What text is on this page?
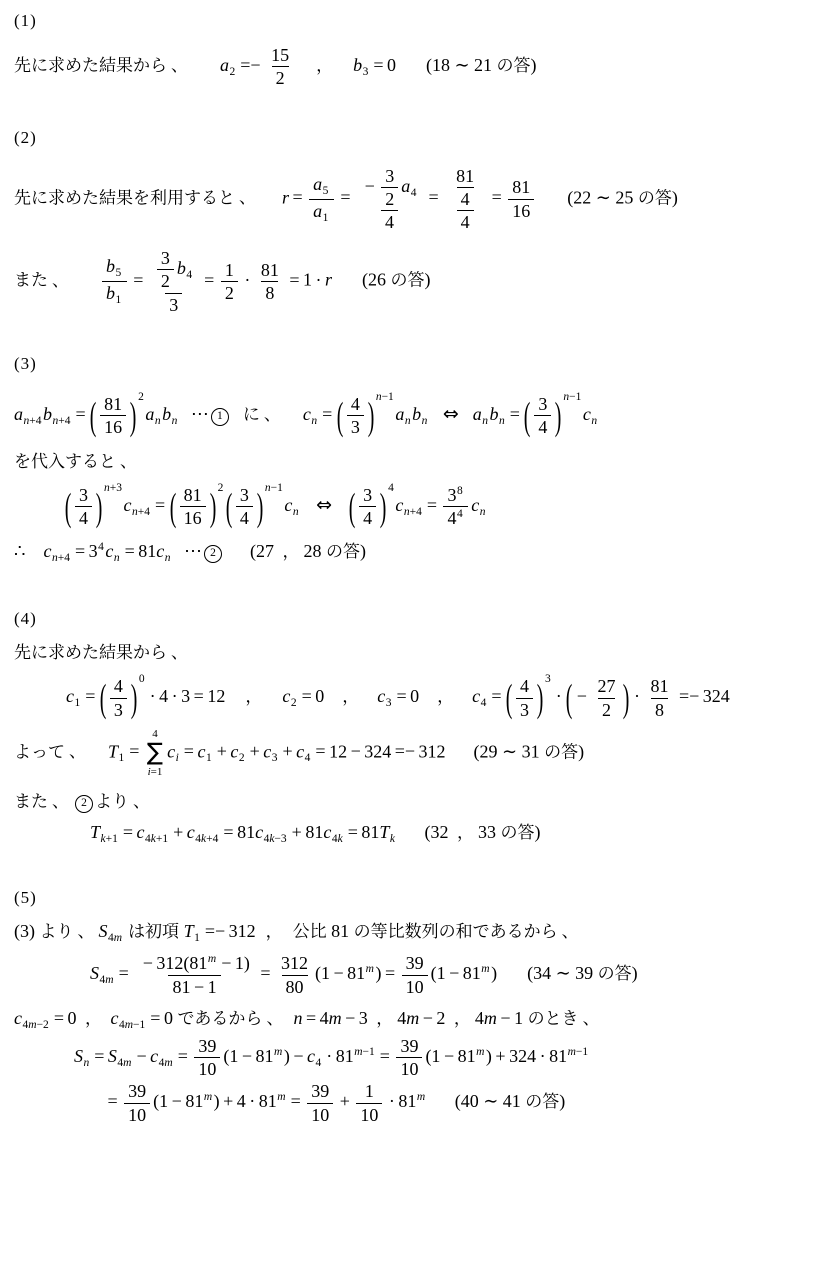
(1)
先に求めた結果から 、 $a_2 =- \frac{15}{2}$ ， $b_3 = 0$ (18 ∼ 21 の答)
(2)
先に求めた結果を利用すると 、 $r = \frac{a_5}{a_1} = \frac{- \frac{3}{2} a_4}{4} = \frac{\frac{81}{4}}{4} = \frac{81}{16} (22$ ∼ 25 の答)
また 、 $\frac{b_5}{b_1} = \frac{\frac{3}{2} b_4}{3} = \frac{1}{2} \cdot \frac{81}{8} = 1 \cdot r$ (26 の答)
(3)
$a_{n+4}b_{n+4}$ = ( $\frac{81}{16}$ ) $^2a_nb_n$ ⋯ 1 に 、 $c_n$ = ( $\frac{4}{3}$ ) $^{n-1}a_nb_n$ ⇔ $a_nb_n$ = ( $\frac{3}{4}$ ) $^{n-1}c_n$
を代入すると 、
( $\frac{3}{4}$ ) $^{n+3}c_{n+4}$ = ( $\frac{81}{16}$ ) $^2$ ( $\frac{3}{4}$ ) $^{n-1}c_n$ ⇔ ( $\frac{3}{4}$ ) $^4c_{n+4} = \frac{3^8}{4^4} c_n$
∴ $c_{n+4} = 3^4c_n = 81c_n$ ⋯ 2 (27 ， 28 の答)
(4)
先に求めた結果から 、
$c_1$ = ( $\frac{4}{3}$ ) $^0$· 4 · 3 = 12 ， $c_2 = 0$ ， $c_3 = 0$ ， $c_4$ = ( $\frac{4}{3}$ ) $^3$· ( − $\frac{27}{2}$ ) · $\frac{81}{8} =- 324$
よって 、 $T_1$ =
4
∑
i=1
$c_i = c_1 + c_2 + c_3 + c_4 = 12 - 324 =- 312$ (29 ∼ 31 の答)
また 、 2 より 、
$T_{k+1} = c_{4k+1} + c_{4k+4} = 81c_{4k-3} + 81c_{4k} = 81T_k$ (32 ， 33 の答)
(5)
(3) より 、 $S_{4m}$ は初項 $T_1 =- 312$ ， 公比 81 の等比数列の和であるから 、
$S_{4m} = \frac{- 312(81^m - 1)}{81 - 1} = \frac{312}{80} (1 - 81^m) = \frac{39}{10} (1 - 81^m)$ (34 ∼ 39 の答)
$c_{4m-2} = 0$ ， $c_{4m-1} = 0$ であるから 、 n = 4m − 3 ， 4m − 2 ， 4m − 1 のとき 、
$S_n = S_{4m} - c_{4m} = \frac{39}{10} (1 - 81^m) - c_4 \cdot 81^{m-1} = \frac{39}{10} (1 - 81^m) + 324 \cdot 81^{m-1}$
= $\frac{39}{10} (1 - 81^m) + 4 \cdot 81^m = \frac{39}{10} + \frac{1}{10} \cdot 81^m$ (40 ∼ 41 の答)
